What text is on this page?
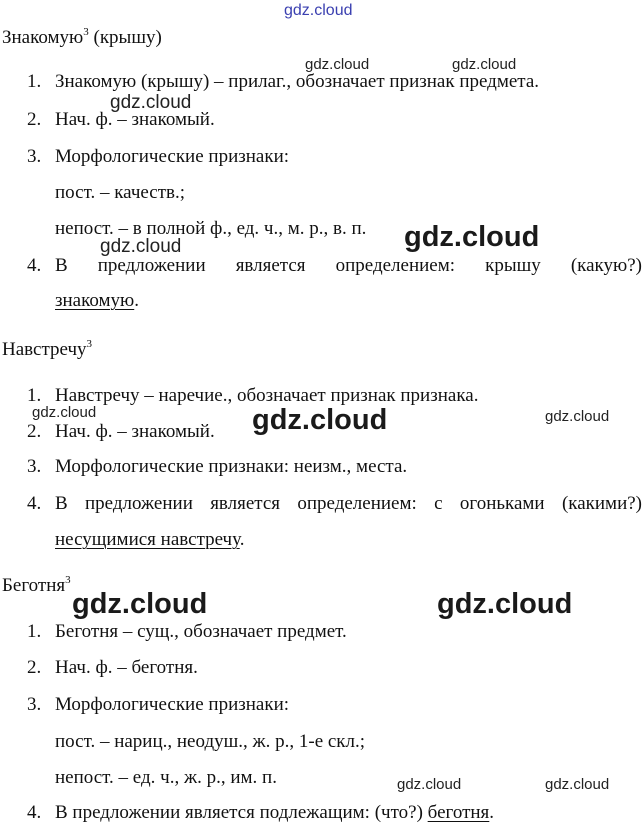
gdz.cloud
gdz.cloud	gdz.cloud
gdz.cloud
gdz.cloud	gdz.cloud
gdz.cloud	gdz.cloud	gdz.cloud
gdz.cloud	gdz.cloud
gdz.cloud	gdz.cloud
Знакомую$^3$ (крышу)
1. Знакомую (крышу) – прилаг., обозначает признак предмета.
2. Нач. ф. – знакомый.
3. Морфологические признаки:
пост. – качеств.;
непост. – в полной ф., ед. ч., м. р., в. п.
4. В предложении является определением: крышу (какую?)
знакомую.
Навстречу$^3$
1. Навстречу – наречие., обозначает признак признака.
2. Нач. ф. – знакомый.
3. Морфологические признаки: неизм., места.
4. В предложении является определением: с огоньками (какими?)
несущимися навстречу.
Беготня$^3$
1. Беготня – сущ., обозначает предмет.
2. Нач. ф. – беготня.
3. Морфологические признаки:
пост. – нариц., неодуш., ж. р., 1-е скл.;
непост. – ед. ч., ж. р., им. п.
4. В предложении является подлежащим: (что?) беготня.
